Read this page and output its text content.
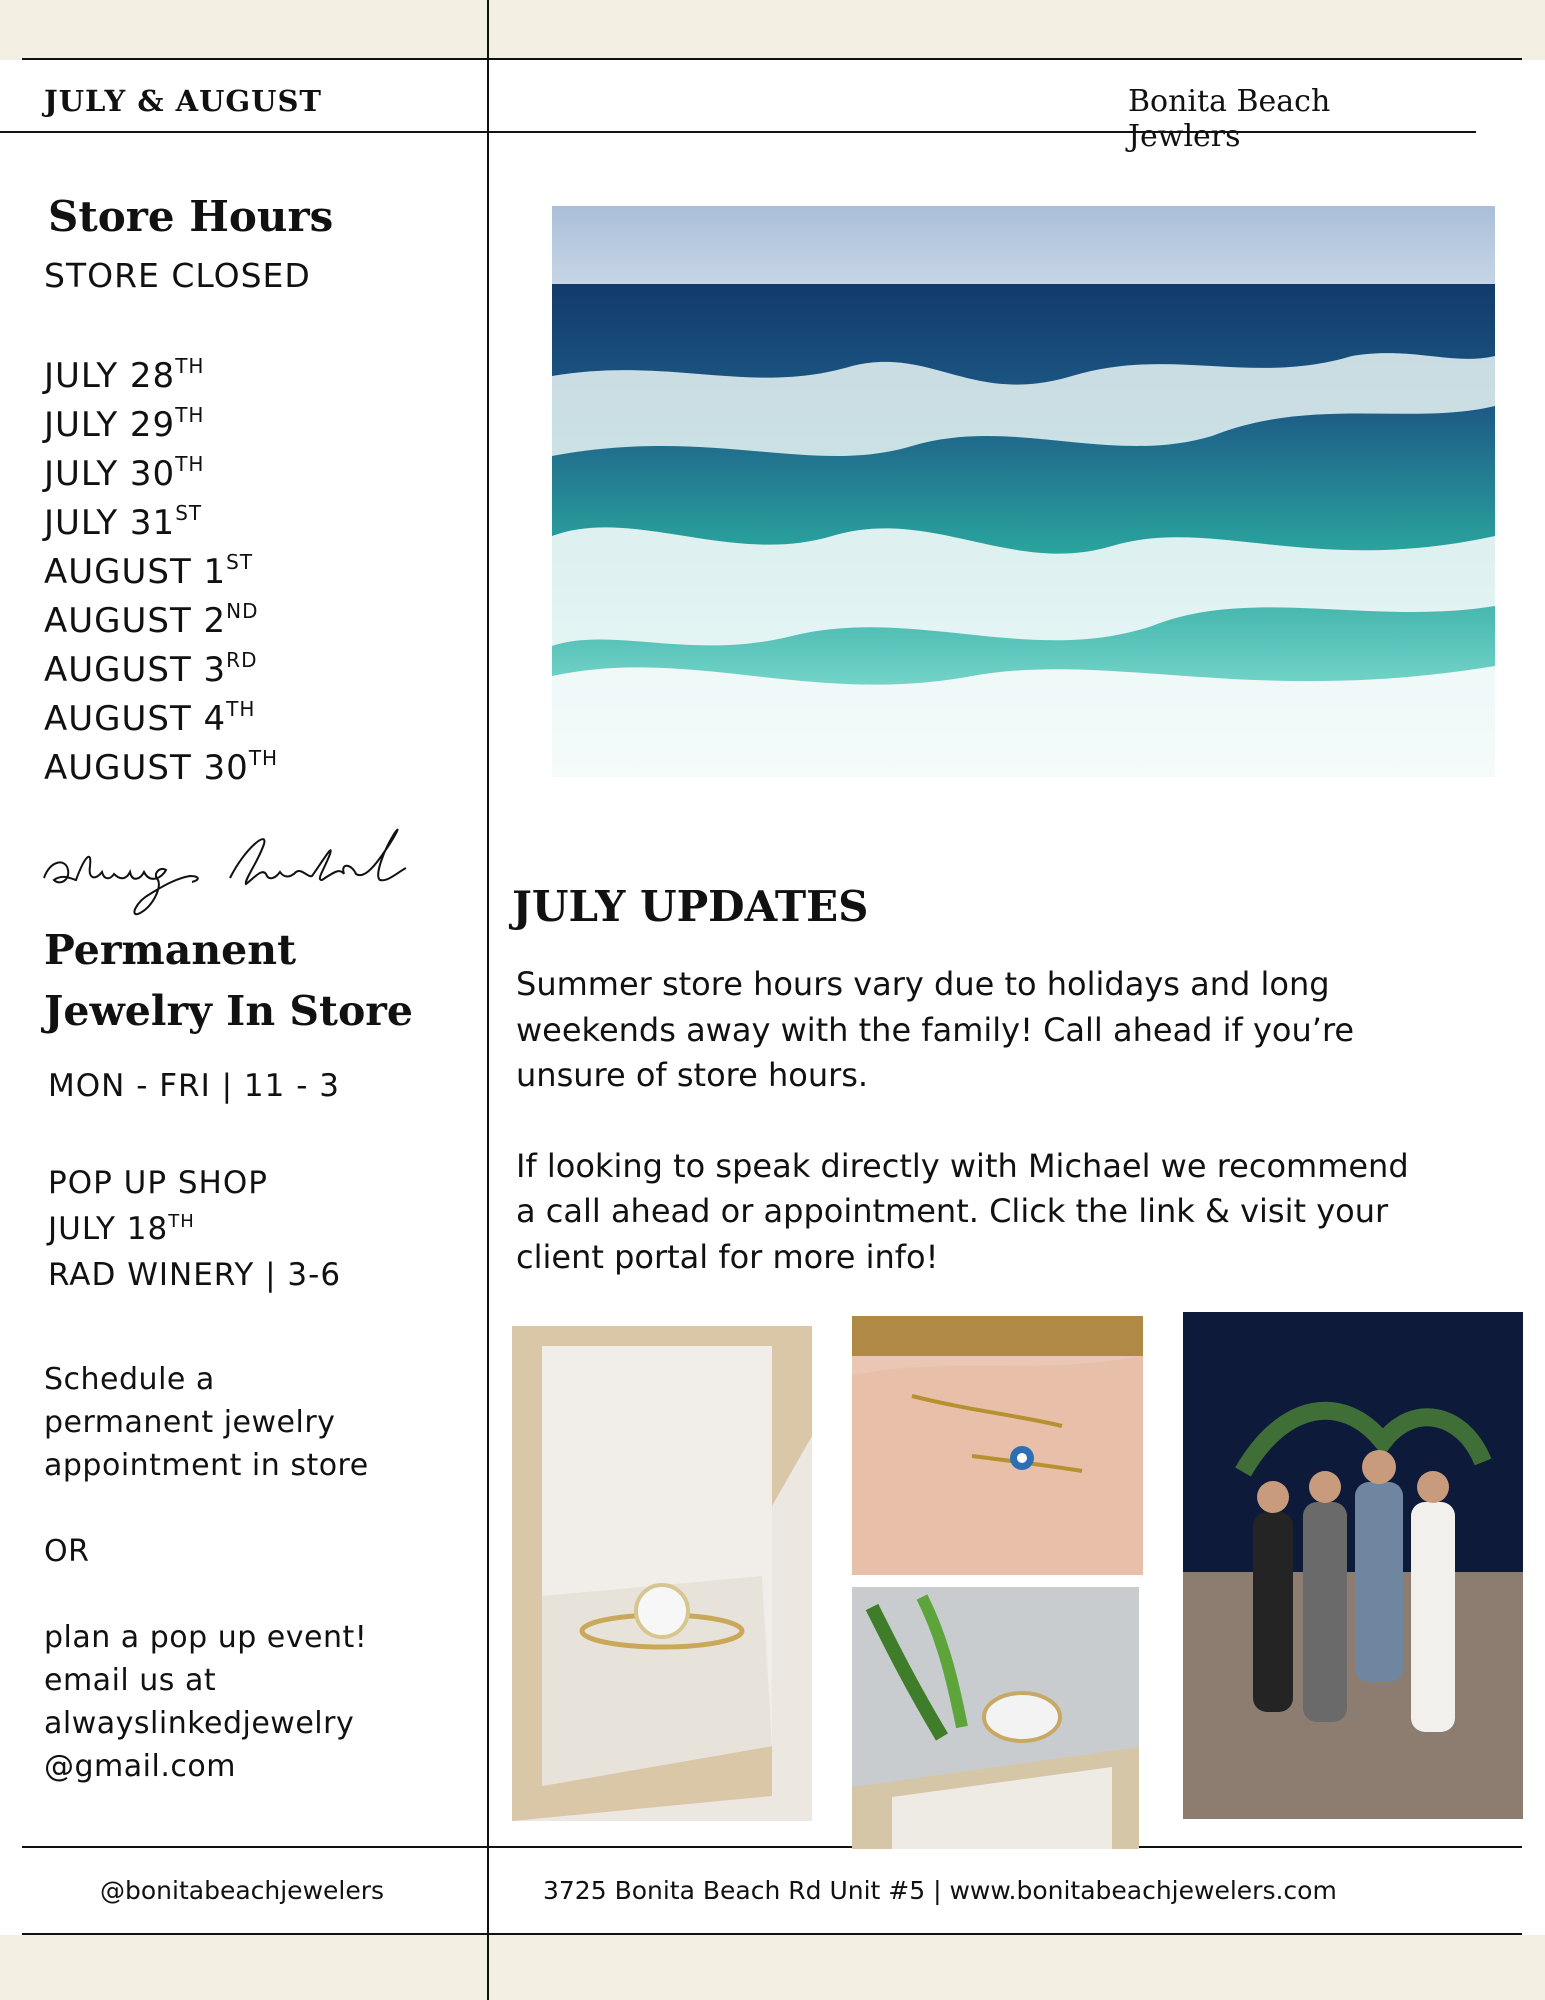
JULY & AUGUST	Bonita Beach Jewlers
Store Hours
STORE CLOSED
JULY 28TH
JULY 29TH
JULY 30TH
JULY 31ST
AUGUST 1ST
AUGUST 2ND
AUGUST 3RD
AUGUST 4TH
AUGUST 30TH
Permanent
Jewelry In Store
MON - FRI | 11 - 3
POP UP SHOP
JULY 18TH
RAD WINERY | 3-6
Schedule a
permanent jewelry
appointment in store
OR
plan a pop up event!
email us at
alwayslinkedjewelry
@gmail.com
JULY UPDATES
Summer store hours vary due to holidays and long
weekends away with the family! Call ahead if you’re
unsure of store hours.
If looking to speak directly with Michael we recommend
a call ahead or appointment. Click the link & visit your
client portal for more info!
@bonitabeachjewelers	3725 Bonita Beach Rd Unit #5 | www.bonitabeachjewelers.com
